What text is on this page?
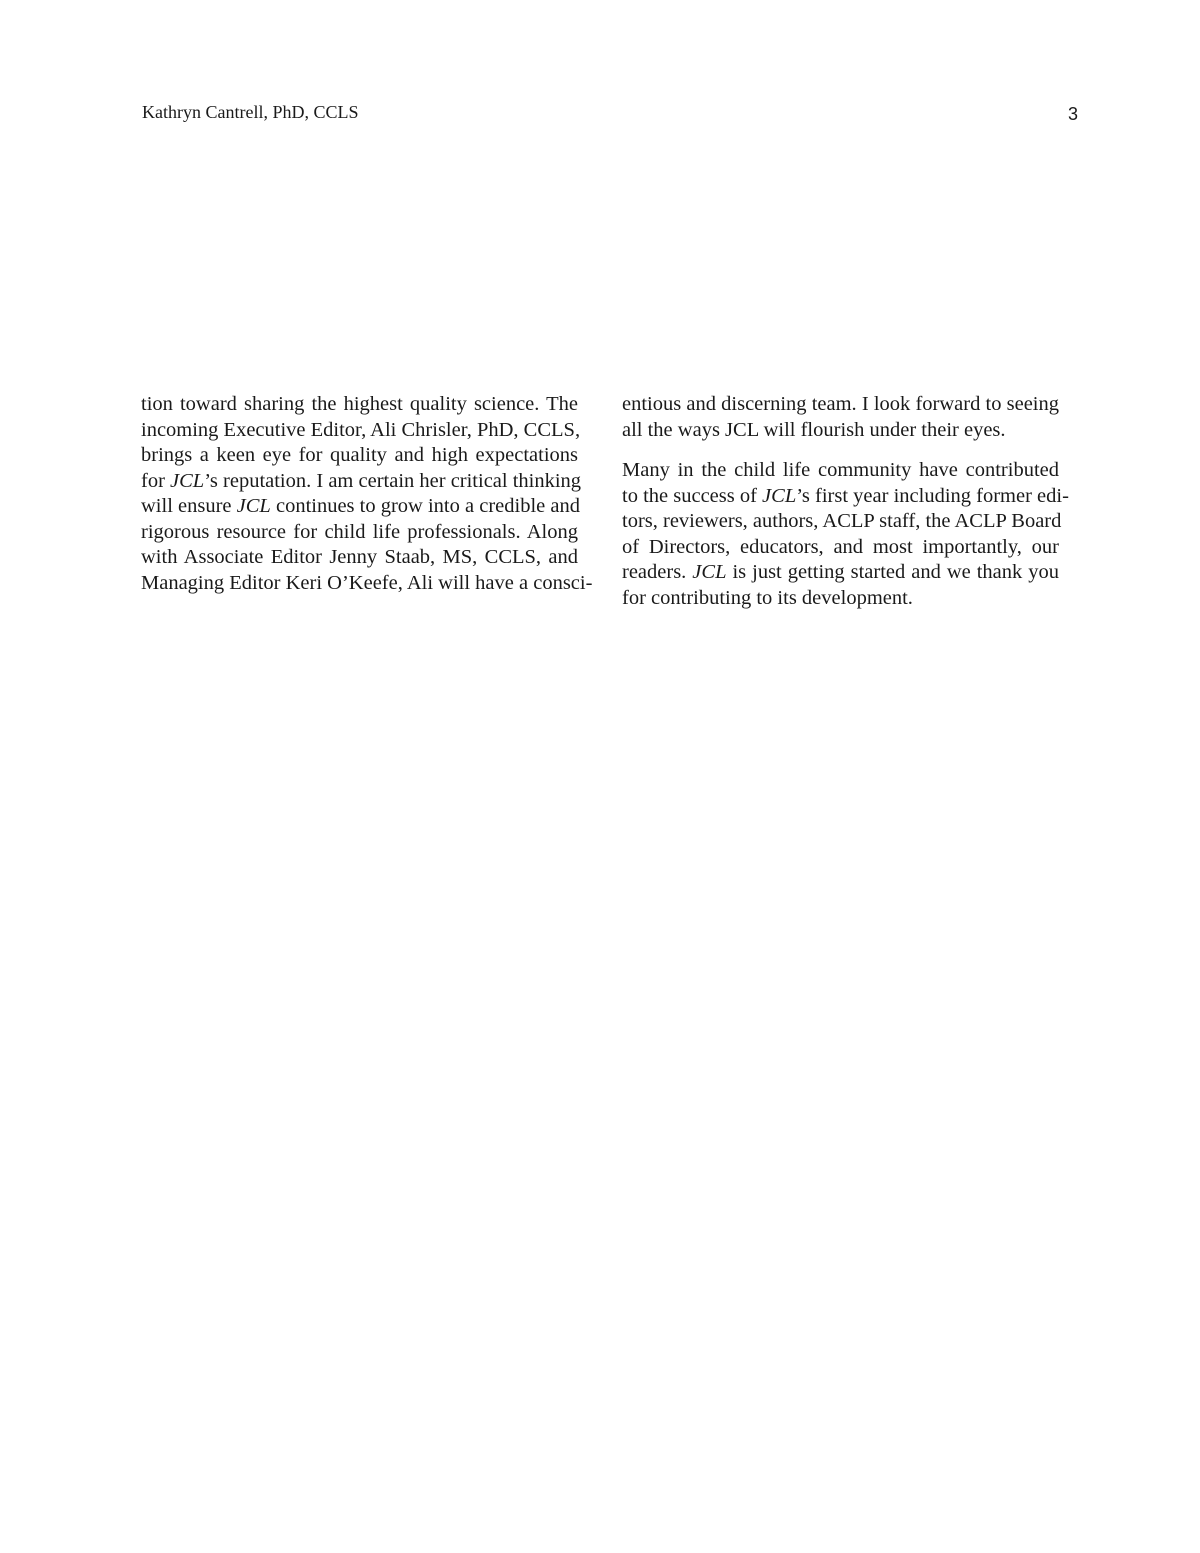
Kathryn Cantrell, PhD, CCLS	3

tion toward sharing the highest quality science. The
incoming Executive Editor, Ali Chrisler, PhD, CCLS,
brings a keen eye for quality and high expectations
for JCL’s reputation. I am certain her critical thinking
will ensure JCL continues to grow into a credible and
rigorous resource for child life professionals. Along
with Associate Editor Jenny Staab, MS, CCLS, and
Managing Editor Keri O’Keefe, Ali will have a consci-

entious and discerning team. I look forward to seeing
all the ways JCL will flourish under their eyes.

Many in the child life community have contributed
to the success of JCL’s first year including former edi-
tors, reviewers, authors, ACLP staff, the ACLP Board
of Directors, educators, and most importantly, our
readers. JCL is just getting started and we thank you
for contributing to its development.
